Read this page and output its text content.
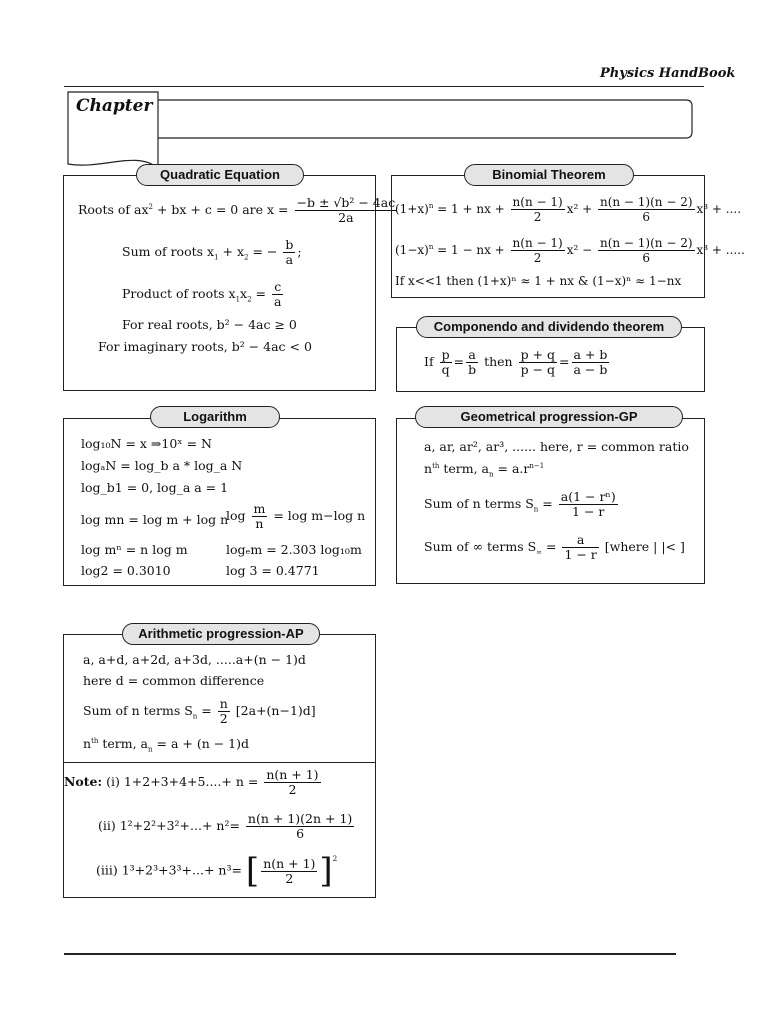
Physics HandBook
Chapter
Quadratic Equation
Roots of $ax^2$ + bx + c = 0 are $x = \frac{\text{−b ± √b² − 4ac}}{2a}$
Sum of roots $x_1 + x_2$ = − $\frac{b}{a}$ ;
Product of roots $x_1x_2 = \frac{c}{a}$
For real roots, b² − 4ac ≥ 0
For imaginary roots, b² − 4ac < 0
Binomial Theorem
$(1+x)^n = 1$ + nx + $\frac{n(n - 1)}{2} x^2 + \frac{n(n - 1)(n - 2)}{6} x^3$ + ....
$(1-x)^n = 1$ − nx + $\frac{n(n - 1)}{2} x^2 - \frac{n(n - 1)(n - 2)}{6} x^3$ + .....
If x<<1 then (1+x)ⁿ ≈ 1 + nx & (1−x)ⁿ ≈ 1−nx
Componendo and dividendo theorem
If $\frac{p}{q} = \frac{a}{b}$ then $\frac{p + q}{p - q} = \frac{a + b}{a - b}$
Logarithm
log₁₀N = x ⇒10ˣ = N
logₐN = log_b a * log_a N
log_b1 = 0, log_a a = 1
log mn = log m + log n
$\log \frac{m}{n} = \log m-\log$ n
log mⁿ = n log m	logₑm = 2.303 log₁₀m
log2 = 0.3010	log 3 = 0.4771
Geometrical progression-GP
a, ar, ar², ar³, ...... here, r = common ratio
$n^{th}$ term, $a_n = a.r^{n-1}$
Sum of n terms $S_n = \frac{\text{a(1 − rⁿ)}}{1 - r}$
Sum of ∞ terms $S_\infty = \frac{a}{1 - r}$ [where | |< ]
Arithmetic progression-AP
a, a+d, a+2d, a+3d, .....a+(n − 1)d
here d = common difference
Sum of n terms $S_n = \frac{n}{2} [2a+(n-1)d]$
$n^{th}$ term, $a_n = a + (n - 1)d$
Note: (i) $1+2+3+4+5....+ n = \frac{n(n + 1)}{2}$
(ii) $1^2+2^2+3^2+...+ n^2= \frac{n(n + 1)(2n + 1)}{6}$
(iii) 1³+2³+3³+...+ n³= [ $\frac{n(n + 1)}{2} ]^2$
